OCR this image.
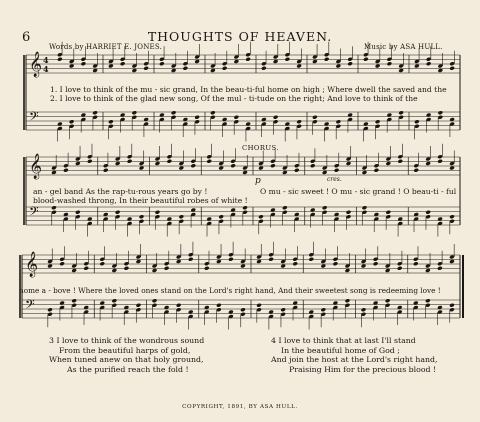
6	THOUGHTS OF HEAVEN.
Words by HARRIET E. JONES.	Music by ASA HULL.
𝄞
𝄢
4
4
𝄞
𝄢
𝄞
𝄢
1. I love to think of the mu - sic grand, In the beau-ti-ful home on high ; Where dwell the saved and the
2. I love to think of the glad new song, Of the mul - ti-tude on the right; And love to think of the
CHORUS.
p	cres.
an - gel band As the rap-tu-rous years go by !	O mu - sic sweet ! O mu - sic grand ! O beau-ti - ful
blood-washed throng, In their beautiful robes of white !
home a - bove ! Where the loved ones stand on the Lord's right hand, And their sweetest song is redeeming love !
3 I love to think of the wondrous sound
From the beautiful harps of gold,
When tuned anew on that holy ground,
As the purified reach the fold !
4 I love to think that at last I'll stand
In the beautiful home of God ;
And join the host at the Lord's right hand,
Praising Him for the precious blood !
COPYRIGHT, 1891, BY ASA HULL.
